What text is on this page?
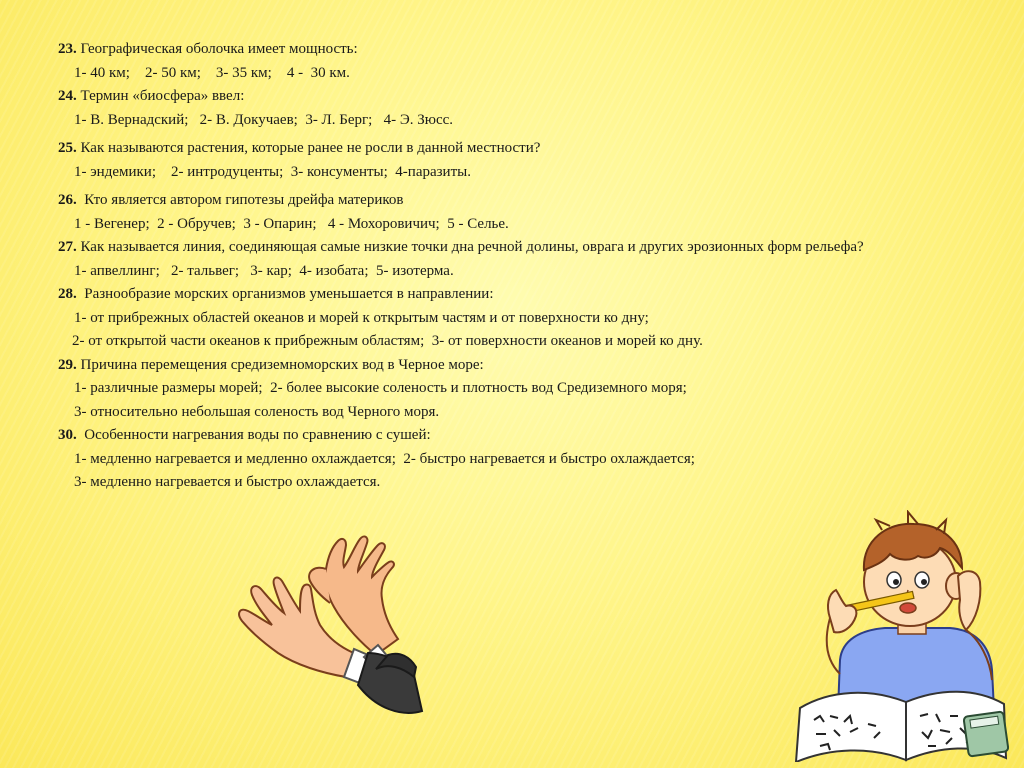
23. Географическая оболочка имеет мощность:
1- 40 км;    2- 50 км;    3- 35 км;    4 -  30 км.
24. Термин «биосфера» ввел:
1- В. Вернадский;   2- В. Докучаев;  3- Л. Берг;   4- Э. Зюсс.
25. Как называются растения, которые ранее не росли в данной местности?
1- эндемики;    2- интродуценты;  3- консументы;  4-паразиты.
26.  Кто является автором гипотезы дрейфа материков
1 - Вегенер;  2 - Обручев;  3 - Опарин;   4 - Мохоровичич;  5 - Селье.
27. Как называется линия, соединяющая самые низкие точки дна речной долины, оврага и других эрозионных форм рельефа?
1- апвеллинг;   2- тальвег;   3- кар;  4- изобата;  5- изотерма.
28.  Разнообразие морских организмов уменьшается в направлении:
1- от прибрежных областей океанов и морей к открытым частям и от поверхности ко дну;
2- от открытой части океанов к прибрежным областям;  3- от поверхности океанов и морей ко дну.
29. Причина перемещения средиземноморских вод в Черное море:
1- различные размеры морей;  2- более высокие соленость и плотность вод Средиземного моря;
3- относительно небольшая соленость вод Черного моря.
30.  Особенности нагревания воды по сравнению с сушей:
1- медленно нагревается и медленно охлаждается;  2- быстро нагревается и быстро охлаждается;
3- медленно нагревается и быстро охлаждается.
